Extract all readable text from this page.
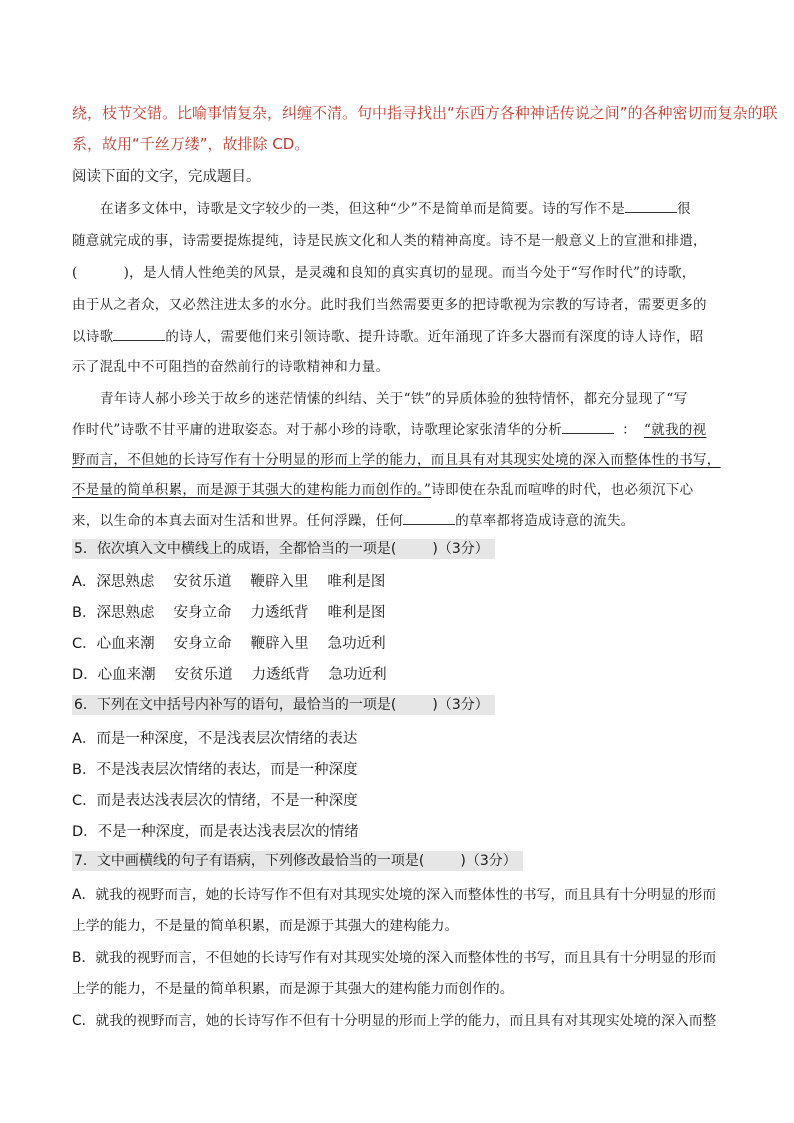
绕，枝节交错。比喻事情复杂，纠缠不清。句中指寻找出“东西方各种神话传说之间”的各种密切而复杂的联
系，故用“千丝万缕”，故排除 CD。
阅读下面的文字，完成题目。
在诸多文体中，诗歌是文字较少的一类，但这种“少”不是简单而是简要。诗的写作不是	很
随意就完成的事，诗需要提炼提纯，诗是民族文化和人类的精神高度。诗不是一般意义上的宣泄和排遣，
(	)，是人情人性绝美的风景，是灵魂和良知的真实真切的显现。而当今处于“写作时代”的诗歌，
由于从之者众，又必然注进太多的水分。此时我们当然需要更多的把诗歌视为宗教的写诗者，需要更多的
以诗歌	的诗人，需要他们来引领诗歌、提升诗歌。近年涌现了许多大器而有深度的诗人诗作，昭
示了混乱中不可阻挡的奋然前行的诗歌精神和力量。
青年诗人郝小珍关于故乡的迷茫情愫的纠结、关于“铁”的异质体验的独特情怀，都充分显现了“写
作时代”诗歌不甘平庸的进取姿态。对于郝小珍的诗歌，诗歌理论家张清华的分析	： “就我的视
野而言，不但她的长诗写作有十分明显的形而上学的能力，而且具有对其现实处境的深入而整体性的书写，
不是量的简单积累，而是源于其强大的建构能力而创作的。”诗即使在杂乱而喧哗的时代，也必须沉下心
来，以生命的本真去面对生活和世界。任何浮躁，任何	的草率都将造成诗意的流失。
5．依次填入文中横线上的成语，全都恰当的一项是(	)（3分）
A．深思熟虑 安贫乐道 鞭辟入里 唯利是图
B．深思熟虑 安身立命 力透纸背 唯利是图
C．心血来潮 安身立命 鞭辟入里 急功近利
D．心血来潮 安贫乐道 力透纸背 急功近利
6．下列在文中括号内补写的语句，最恰当的一项是(	)（3分）
A．而是一种深度，不是浅表层次情绪的表达
B．不是浅表层次情绪的表达，而是一种深度
C．而是表达浅表层次的情绪，不是一种深度
D．不是一种深度，而是表达浅表层次的情绪
7．文中画横线的句子有语病，下列修改最恰当的一项是(	)（3分）
A．就我的视野而言，她的长诗写作不但有对其现实处境的深入而整体性的书写，而且具有十分明显的形而
上学的能力，不是量的简单积累，而是源于其强大的建构能力。
B．就我的视野而言，不但她的长诗写作有对其现实处境的深入而整体性的书写，而且具有十分明显的形而
上学的能力，不是量的简单积累，而是源于其强大的建构能力而创作的。
C．就我的视野而言，她的长诗写作不但有十分明显的形而上学的能力，而且具有对其现实处境的深入而整
